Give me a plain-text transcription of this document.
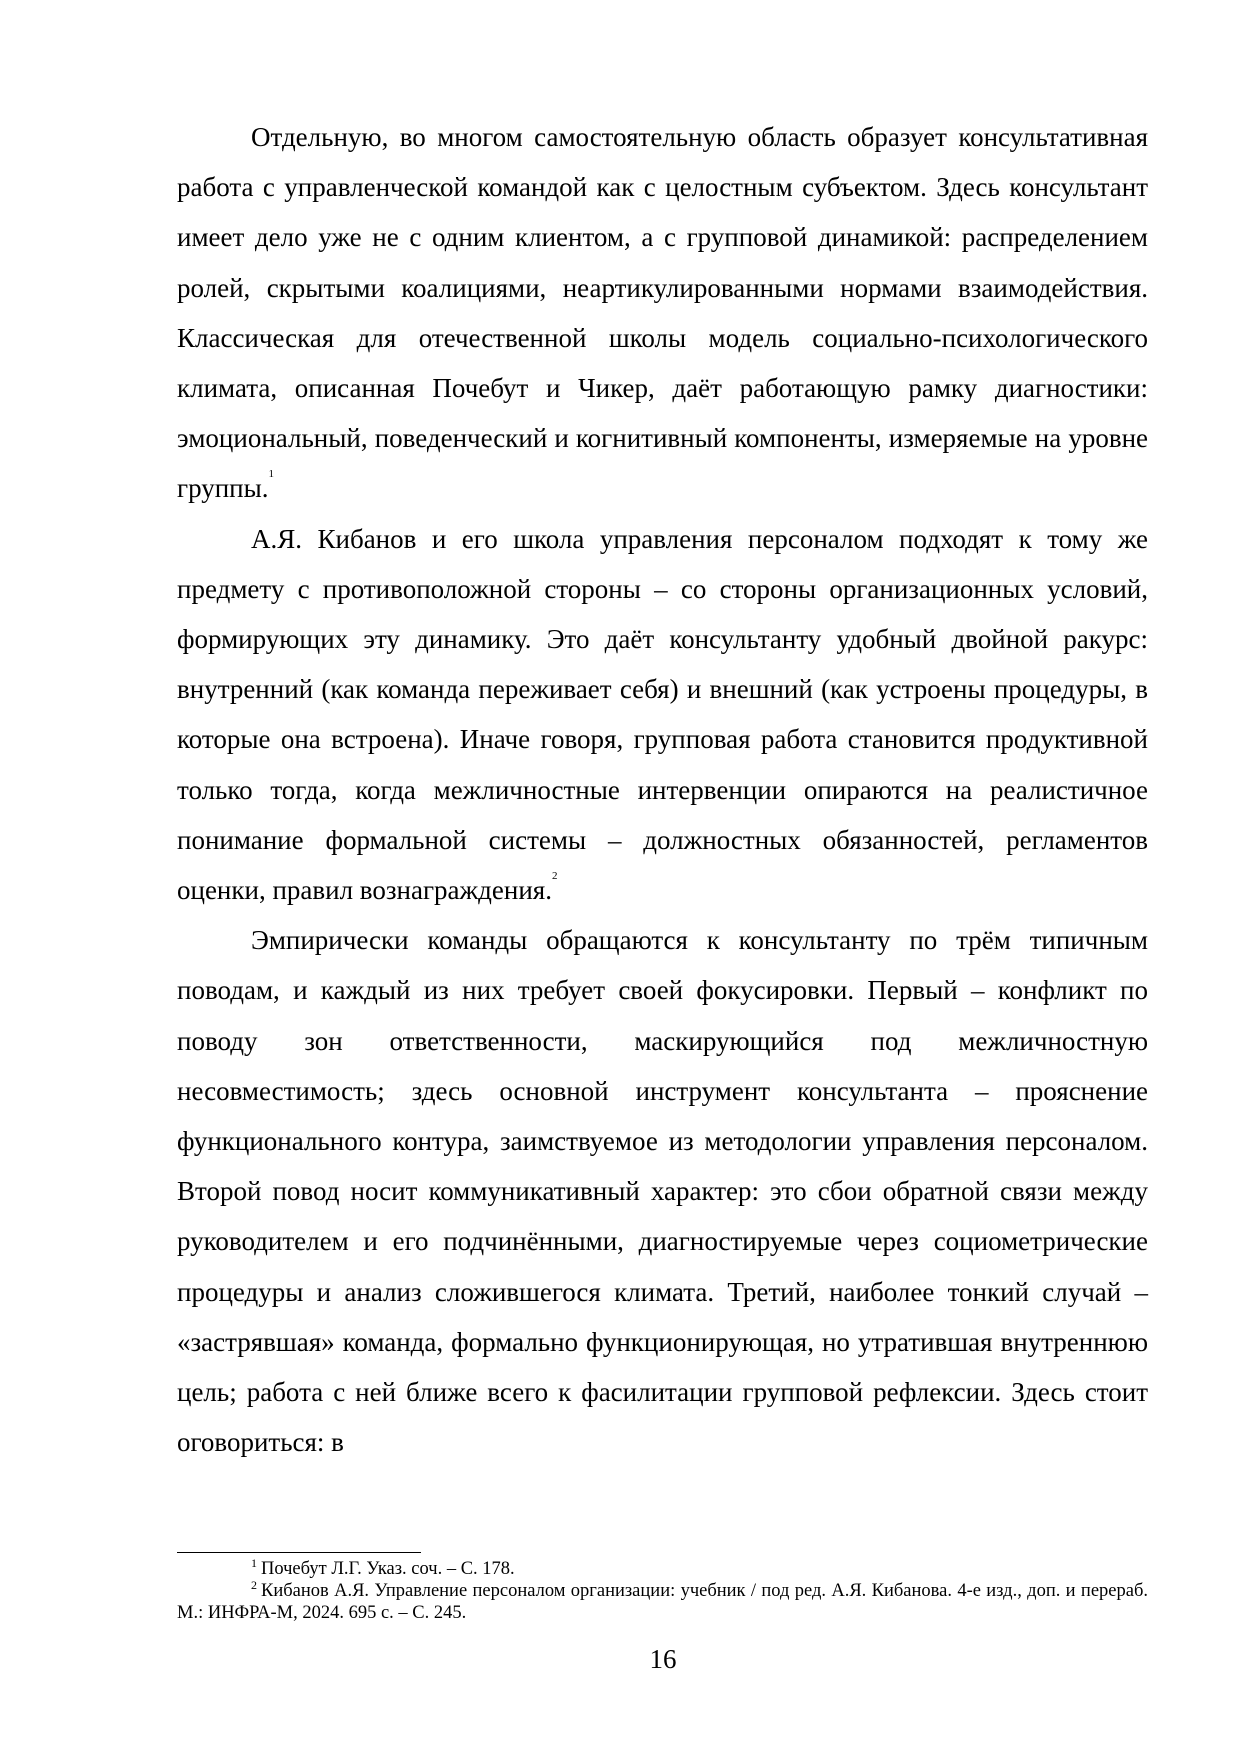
Отдельную, во многом самостоятельную область образует консультативная работа с управленческой командой как с целостным субъектом. Здесь консультант имеет дело уже не с одним клиентом, а с групповой динамикой: распределением ролей, скрытыми коалициями, неартикулированными нормами взаимодействия. Классическая для отечественной школы модель социально-психологического климата, описанная Почебут и Чикер, даёт работающую рамку диагностики: эмоциональный, поведенческий и когнитивный компоненты, измеряемые на уровне группы.$^1$

А.Я. Кибанов и его школа управления персоналом подходят к тому же предмету с противоположной стороны – со стороны организационных условий, формирующих эту динамику. Это даёт консультанту удобный двойной ракурс: внутренний (как команда переживает себя) и внешний (как устроены процедуры, в которые она встроена). Иначе говоря, групповая работа становится продуктивной только тогда, когда межличностные интервенции опираются на реалистичное понимание формальной системы – должностных обязанностей, регламентов оценки, правил вознаграждения.$^2$

Эмпирически команды обращаются к консультанту по трём типичным поводам, и каждый из них требует своей фокусировки. Первый – конфликт по поводу зон ответственности, маскирующийся под межличностную несовместимость; здесь основной инструмент консультанта – прояснение функционального контура, заимствуемое из методологии управления персоналом. Второй повод носит коммуникативный характер: это сбои обратной связи между руководителем и его подчинёнными, диагностируемые через социометрические процедуры и анализ сложившегося климата. Третий, наиболее тонкий случай – «застрявшая» команда, формально функционирующая, но утратившая внутреннюю цель; работа с ней ближе всего к фасилитации групповой рефлексии. Здесь стоит оговориться: в

$^1$ Почебут Л.Г. Указ. соч. – С. 178.

$^2$ Кибанов А.Я. Управление персоналом организации: учебник / под ред. А.Я. Кибанова. 4-е изд., доп. и перераб. М.: ИНФРА-М, 2024. 695 с. – С. 245.

16
